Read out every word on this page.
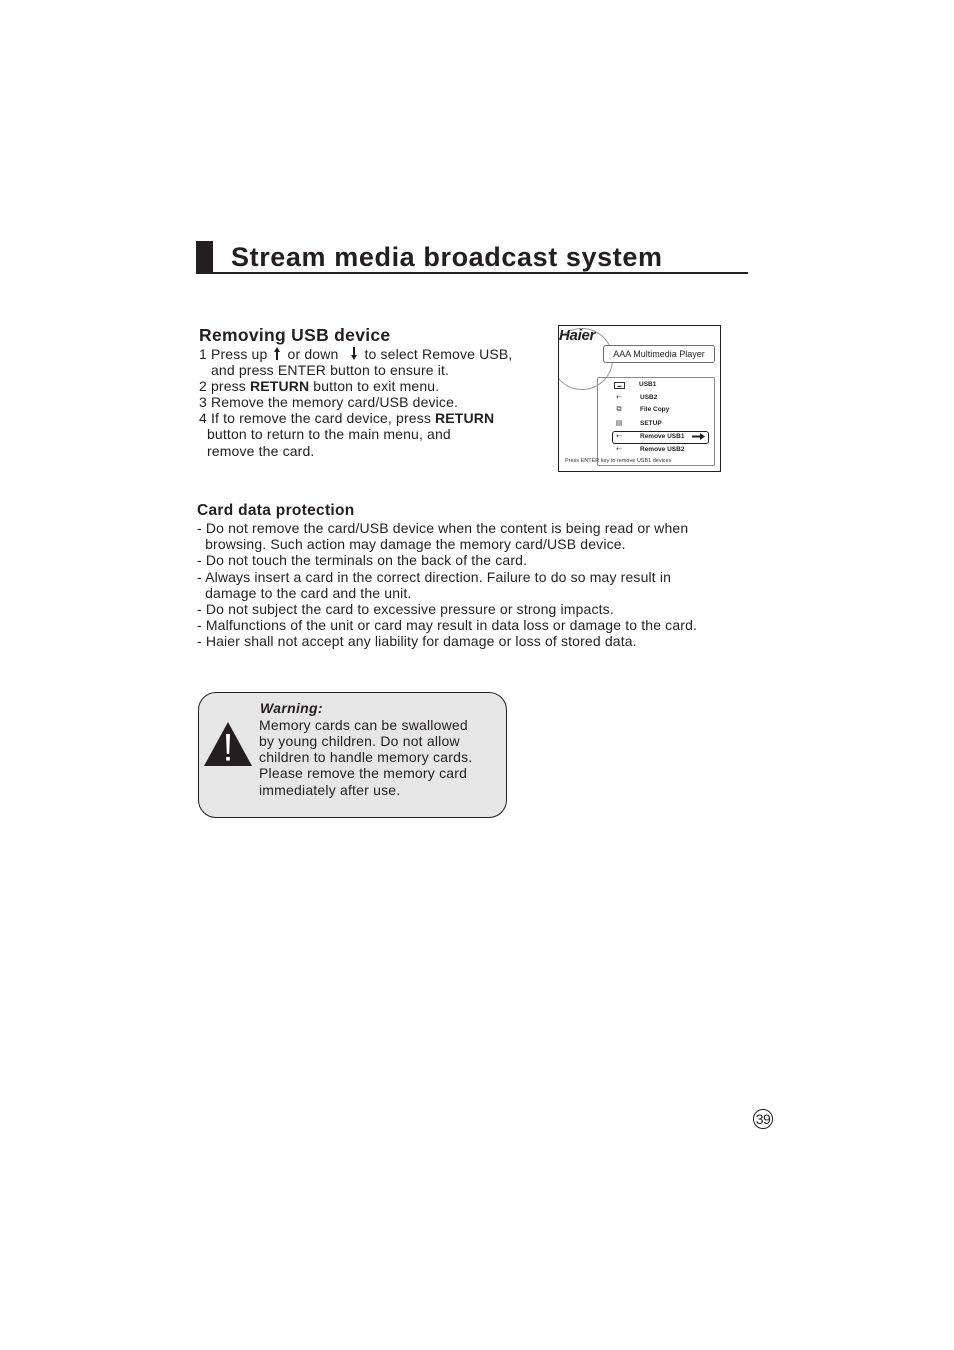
Stream media broadcast system
Removing USB device
1 Press up or down to select Remove USB,
and press ENTER button to ensure it.
2 press RETURN button to exit menu.
3 Remove the memory card/USB device.
4 If to remove the card device, press RETURN
button to return to the main menu, and
remove the card.
Haier
AAA Multimedia Player
▬	USB1
⇠	USB2
⧉	File Copy
▤	SETUP
⇠	Remove USB1
⇠	Remove USB2
Press ENTER key to remove USB1 devices
Card data protection
- Do not remove the card/USB device when the content is being read or when
browsing. Such action may damage the memory card/USB device.
- Do not touch the terminals on the back of the card.
- Always insert a card in the correct direction. Failure to do so may result in
damage to the card and the unit.
- Do not subject the card to excessive pressure or strong impacts.
- Malfunctions of the unit or card may result in data loss or damage to the card.
- Haier shall not accept any liability for damage or loss of stored data.
Warning:
Memory cards can be swallowed
by young children. Do not allow
children to handle memory cards.
Please remove the memory card
immediately after use.
39
